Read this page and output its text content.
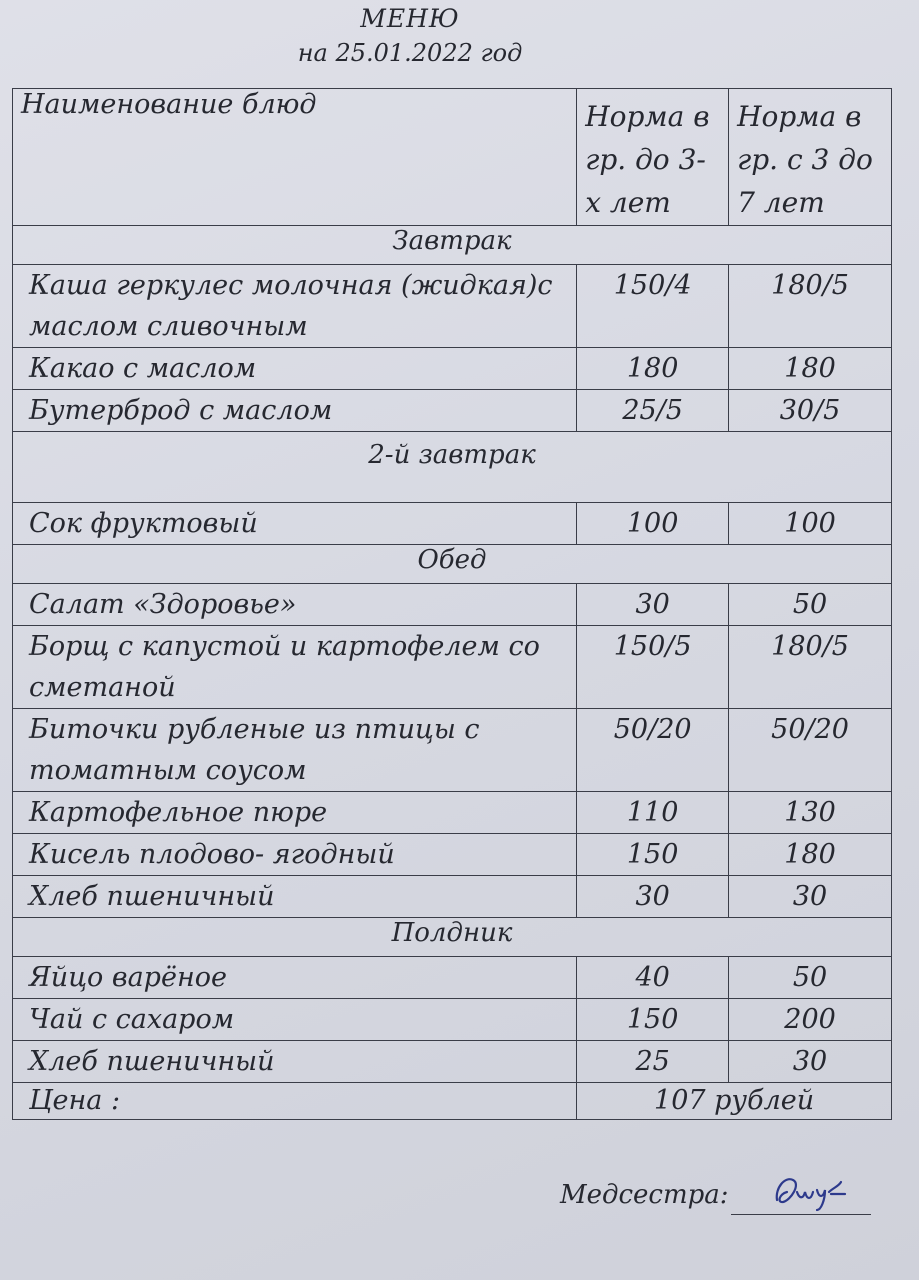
МЕНЮ
на 25.01.2022 год
Наименование блюд	Норма в гр. до 3-х лет	Норма в гр. с 3 до 7 лет
Завтрак		
Каша геркулес молочная (жидкая)с маслом сливочным	150/4	180/5
Какао с маслом	180	180
Бутерброд с маслом	25/5	30/5
2-й завтрак		
Сок фруктовый	100	100
Обед		
Салат «Здоровье»	30	50
Борщ с капустой и картофелем со сметаной	150/5	180/5
Биточки рубленые из птицы с томатным соусом	50/20	50/20
Картофельное пюре	110	130
Кисель плодово- ягодный	150	180
Хлеб пшеничный	30	30
Полдник		
Яйцо варёное	40	50
Чай с сахаром	150	200
Хлеб пшеничный	25	30
Цена :	107 рублей	
Медсестра:
